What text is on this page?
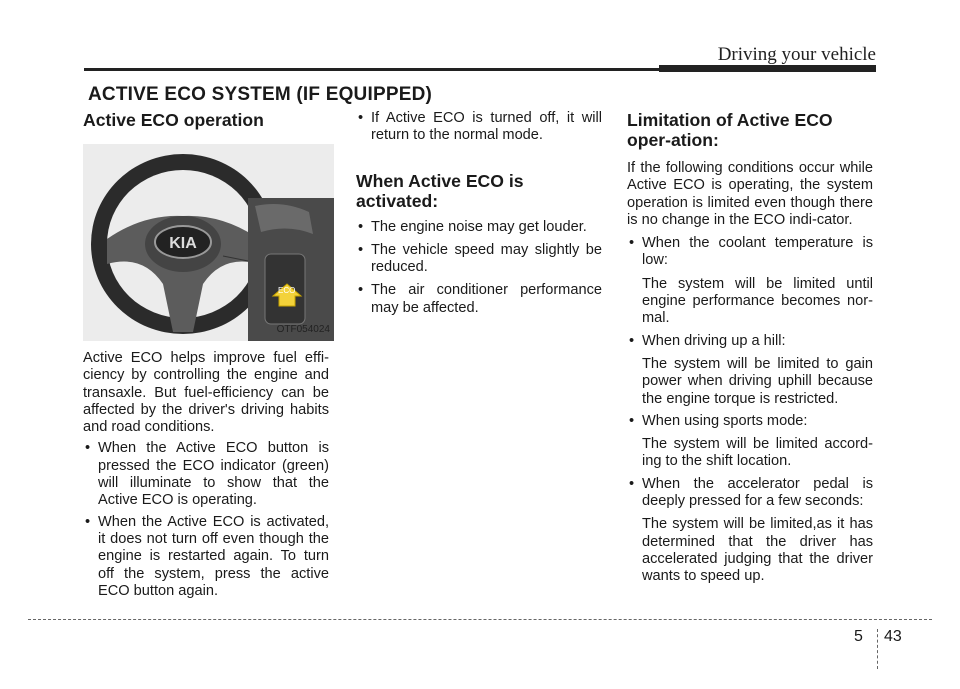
Driving your vehicle
ACTIVE ECO SYSTEM (IF EQUIPPED)
Active ECO operation
KIA
ECO
OTF054024

Active ECO helps improve fuel effi-ciency by controlling the engine and transaxle. But fuel-efficiency can be affected by the driver's driving habits and road conditions.

• When the Active ECO button is pressed the ECO indicator (green) will illuminate to show that the Active ECO is operating.
• When the Active ECO is activated, it does not turn off even though the engine is restarted again. To turn off the system, press the active ECO button again.
• If Active ECO is turned off, it will return to the normal mode.
When Active ECO is activated:
• The engine noise may get louder.
• The vehicle speed may slightly be reduced.
• The air conditioner performance may be affected.
Limitation of Active ECO oper-ation:

If the following conditions occur while Active ECO is operating, the system operation is limited even though there is no change in the ECO indi-cator.

• When the coolant temperature is low:
The system will be limited until engine performance becomes nor-mal.
• When driving up a hill:
The system will be limited to gain power when driving uphill because the engine torque is restricted.
• When using sports mode:
The system will be limited accord-ing to the shift location.
• When the accelerator pedal is deeply pressed for a few seconds:
The system will be limited,as it has determined that the driver has accelerated judging that the driver wants to speed up.
5 43
